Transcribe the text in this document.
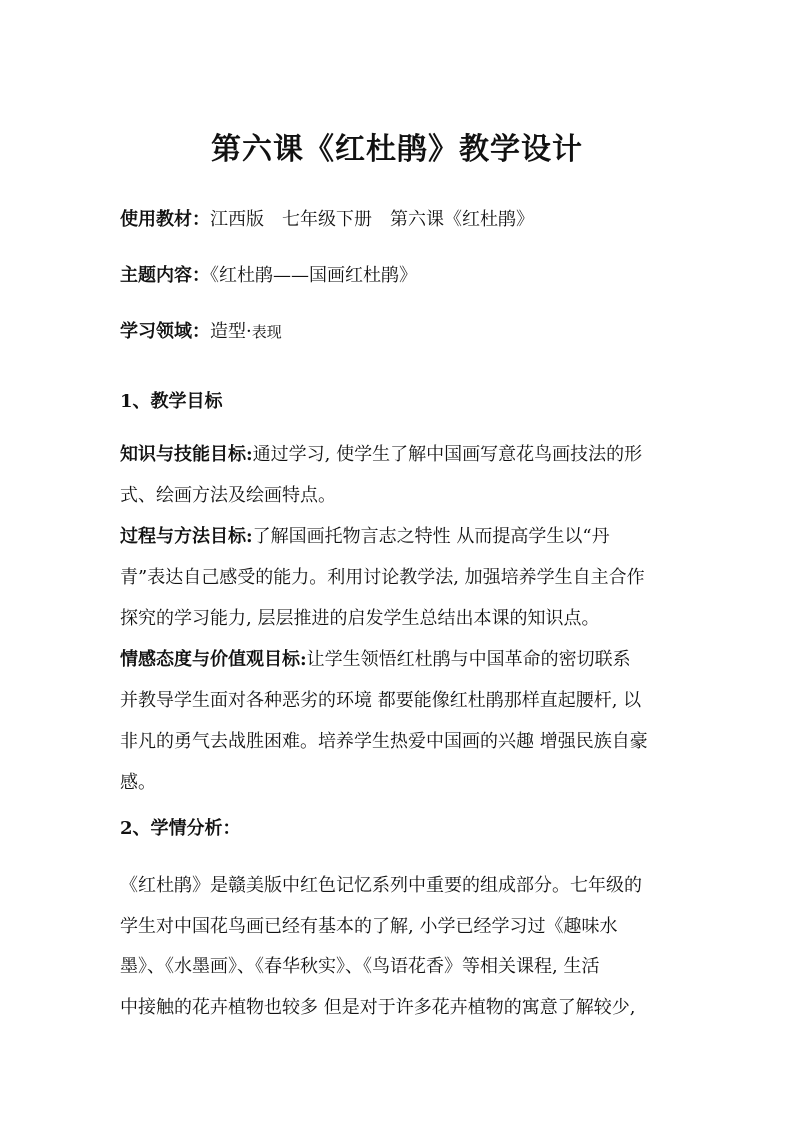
第六课《红杜鹃》教学设计
使用教材：江西版　七年级下册　第六课《红杜鹃》
主题内容：《红杜鹃——国画红杜鹃》
学习领域：造型·表现
1、教学目标
知识与技能目标:通过学习, 使学生了解中国画写意花鸟画技法的形
式、绘画方法及绘画特点。
过程与方法目标:了解国画托物言志之特性 从而提高学生以“丹
青”表达自己感受的能力。利用讨论教学法, 加强培养学生自主合作
探究的学习能力, 层层推进的启发学生总结出本课的知识点。
情感态度与价值观目标:让学生领悟红杜鹃与中国革命的密切联系
并教导学生面对各种恶劣的环境 都要能像红杜鹃那样直起腰杆, 以
非凡的勇气去战胜困难。培养学生热爱中国画的兴趣 增强民族自豪
感。
2、学情分析：
《红杜鹃》是赣美版中红色记忆系列中重要的组成部分。七年级的
学生对中国花鸟画已经有基本的了解, 小学已经学习过《趣味水
墨》、《水墨画》、《春华秋实》、《鸟语花香》等相关课程, 生活
中接触的花卉植物也较多 但是对于许多花卉植物的寓意了解较少,
